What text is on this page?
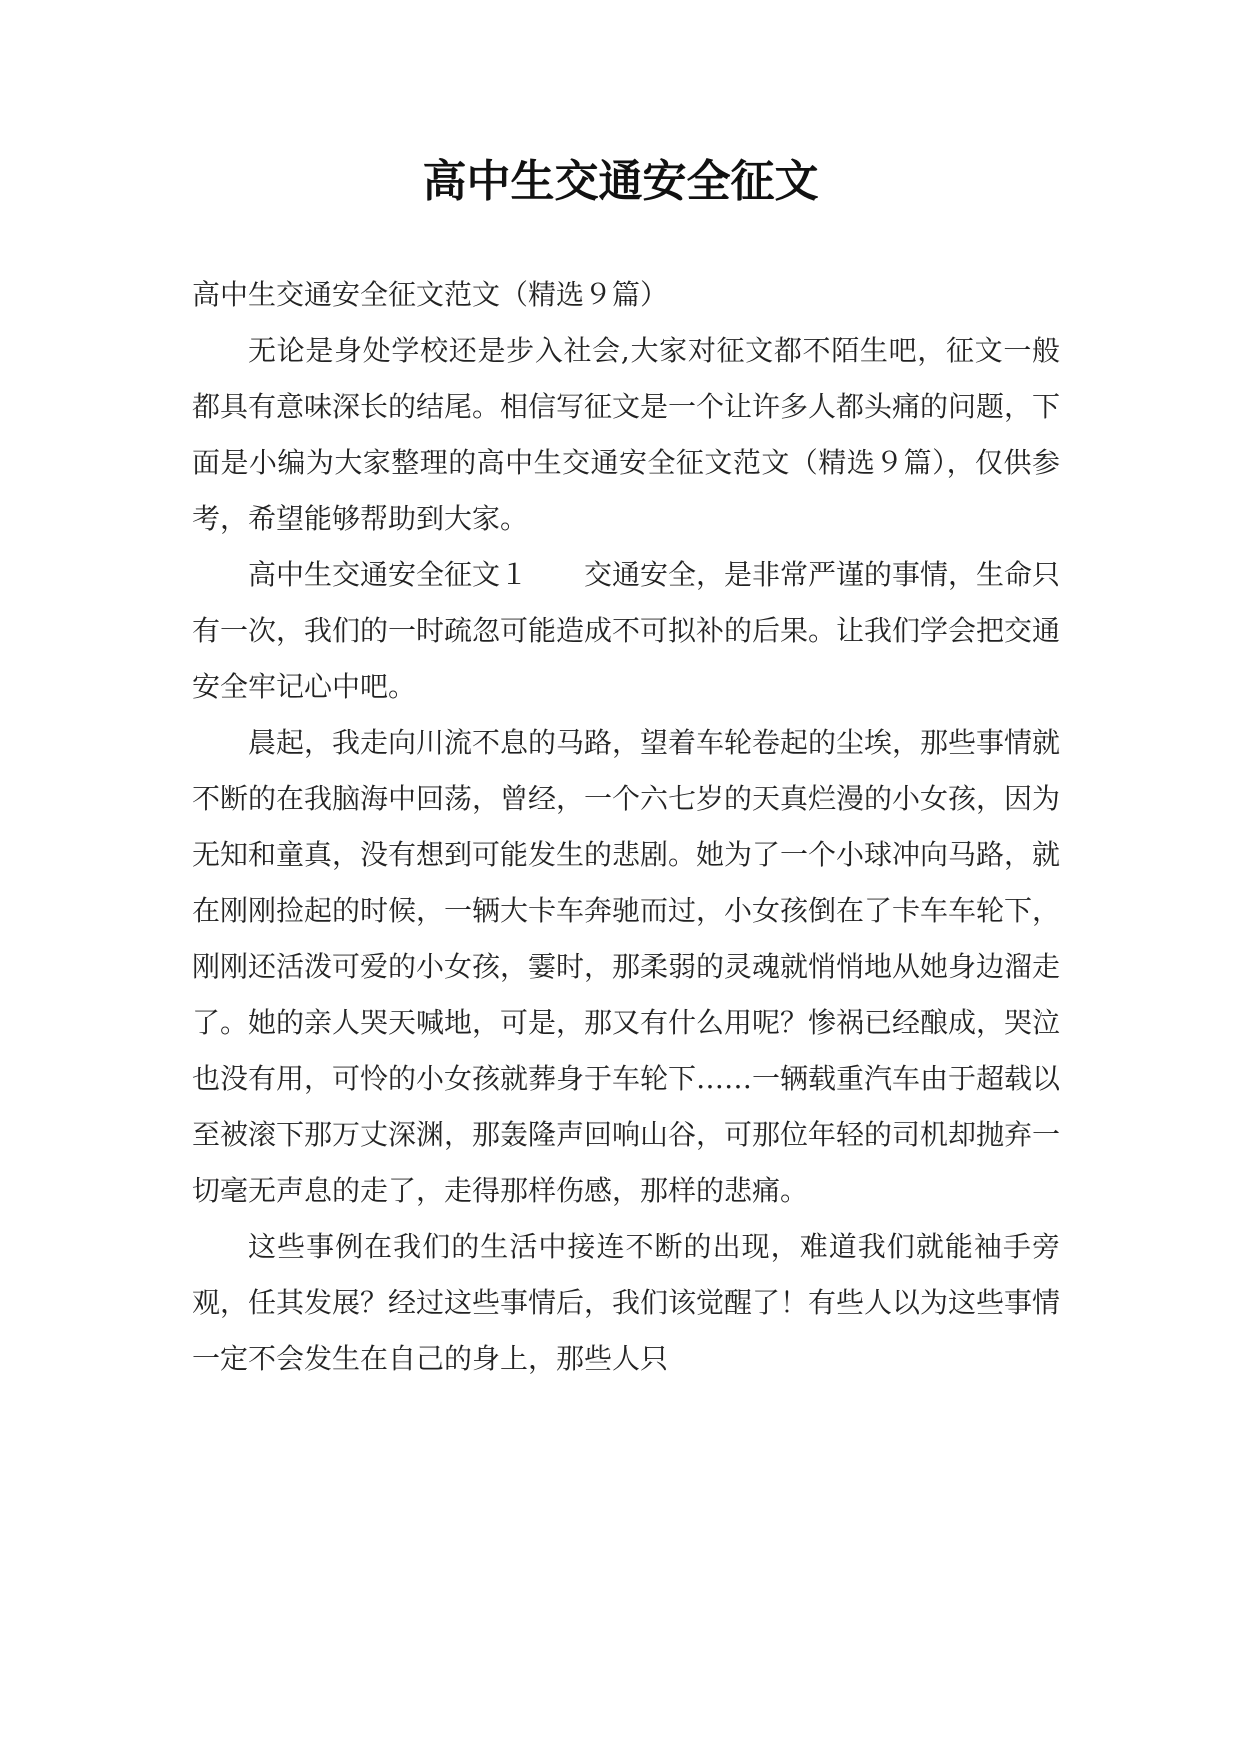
高中生交通安全征文

高中生交通安全征文范文（精选９篇）

无论是身处学校还是步入社会,大家对征文都不陌生吧，征文一般都具有意味深长的结尾。相信写征文是一个让许多人都头痛的问题，下面是小编为大家整理的高中生交通安全征文范文（精选９篇），仅供参考，希望能够帮助到大家。

高中生交通安全征文１　　交通安全，是非常严谨的事情，生命只有一次，我们的一时疏忽可能造成不可拟补的后果。让我们学会把交通安全牢记心中吧。

晨起，我走向川流不息的马路，望着车轮卷起的尘埃，那些事情就不断的在我脑海中回荡，曾经，一个六七岁的天真烂漫的小女孩，因为无知和童真，没有想到可能发生的悲剧。她为了一个小球冲向马路，就在刚刚捡起的时候，一辆大卡车奔驰而过，小女孩倒在了卡车车轮下，刚刚还活泼可爱的小女孩，霎时，那柔弱的灵魂就悄悄地从她身边溜走了。她的亲人哭天喊地，可是，那又有什么用呢？惨祸已经酿成，哭泣也没有用，可怜的小女孩就葬身于车轮下……一辆载重汽车由于超载以至被滚下那万丈深渊，那轰隆声回响山谷，可那位年轻的司机却抛弃一切毫无声息的走了，走得那样伤感，那样的悲痛。

这些事例在我们的生活中接连不断的出现，难道我们就能袖手旁观，任其发展？经过这些事情后，我们该觉醒了！有些人以为这些事情一定不会发生在自己的身上，那些人只
